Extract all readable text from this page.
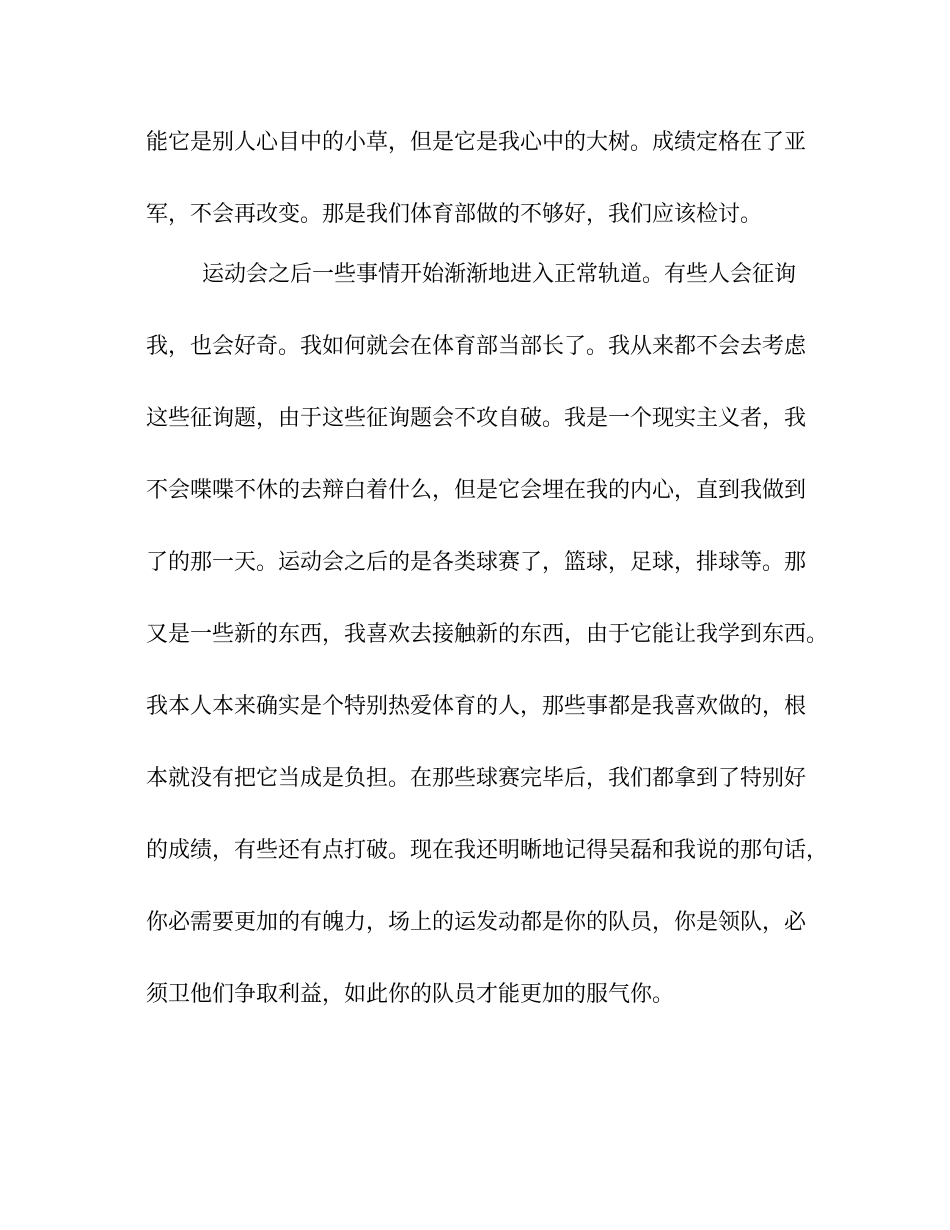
能它是别人心目中的小草，但是它是我心中的大树。成绩定格在了亚
军，不会再改变。那是我们体育部做的不够好，我们应该检讨。
运动会之后一些事情开始渐渐地进入正常轨道。有些人会征询
我，也会好奇。我如何就会在体育部当部长了。我从来都不会去考虑
这些征询题，由于这些征询题会不攻自破。我是一个现实主义者，我
不会喋喋不休的去辩白着什么，但是它会埋在我的内心，直到我做到
了的那一天。运动会之后的是各类球赛了，篮球，足球，排球等。那
又是一些新的东西，我喜欢去接触新的东西，由于它能让我学到东西。
我本人本来确实是个特别热爱体育的人，那些事都是我喜欢做的，根
本就没有把它当成是负担。在那些球赛完毕后，我们都拿到了特别好
的成绩，有些还有点打破。现在我还明晰地记得吴磊和我说的那句话，
你必需要更加的有魄力，场上的运发动都是你的队员，你是领队，必
须卫他们争取利益，如此你的队员才能更加的服气你。
